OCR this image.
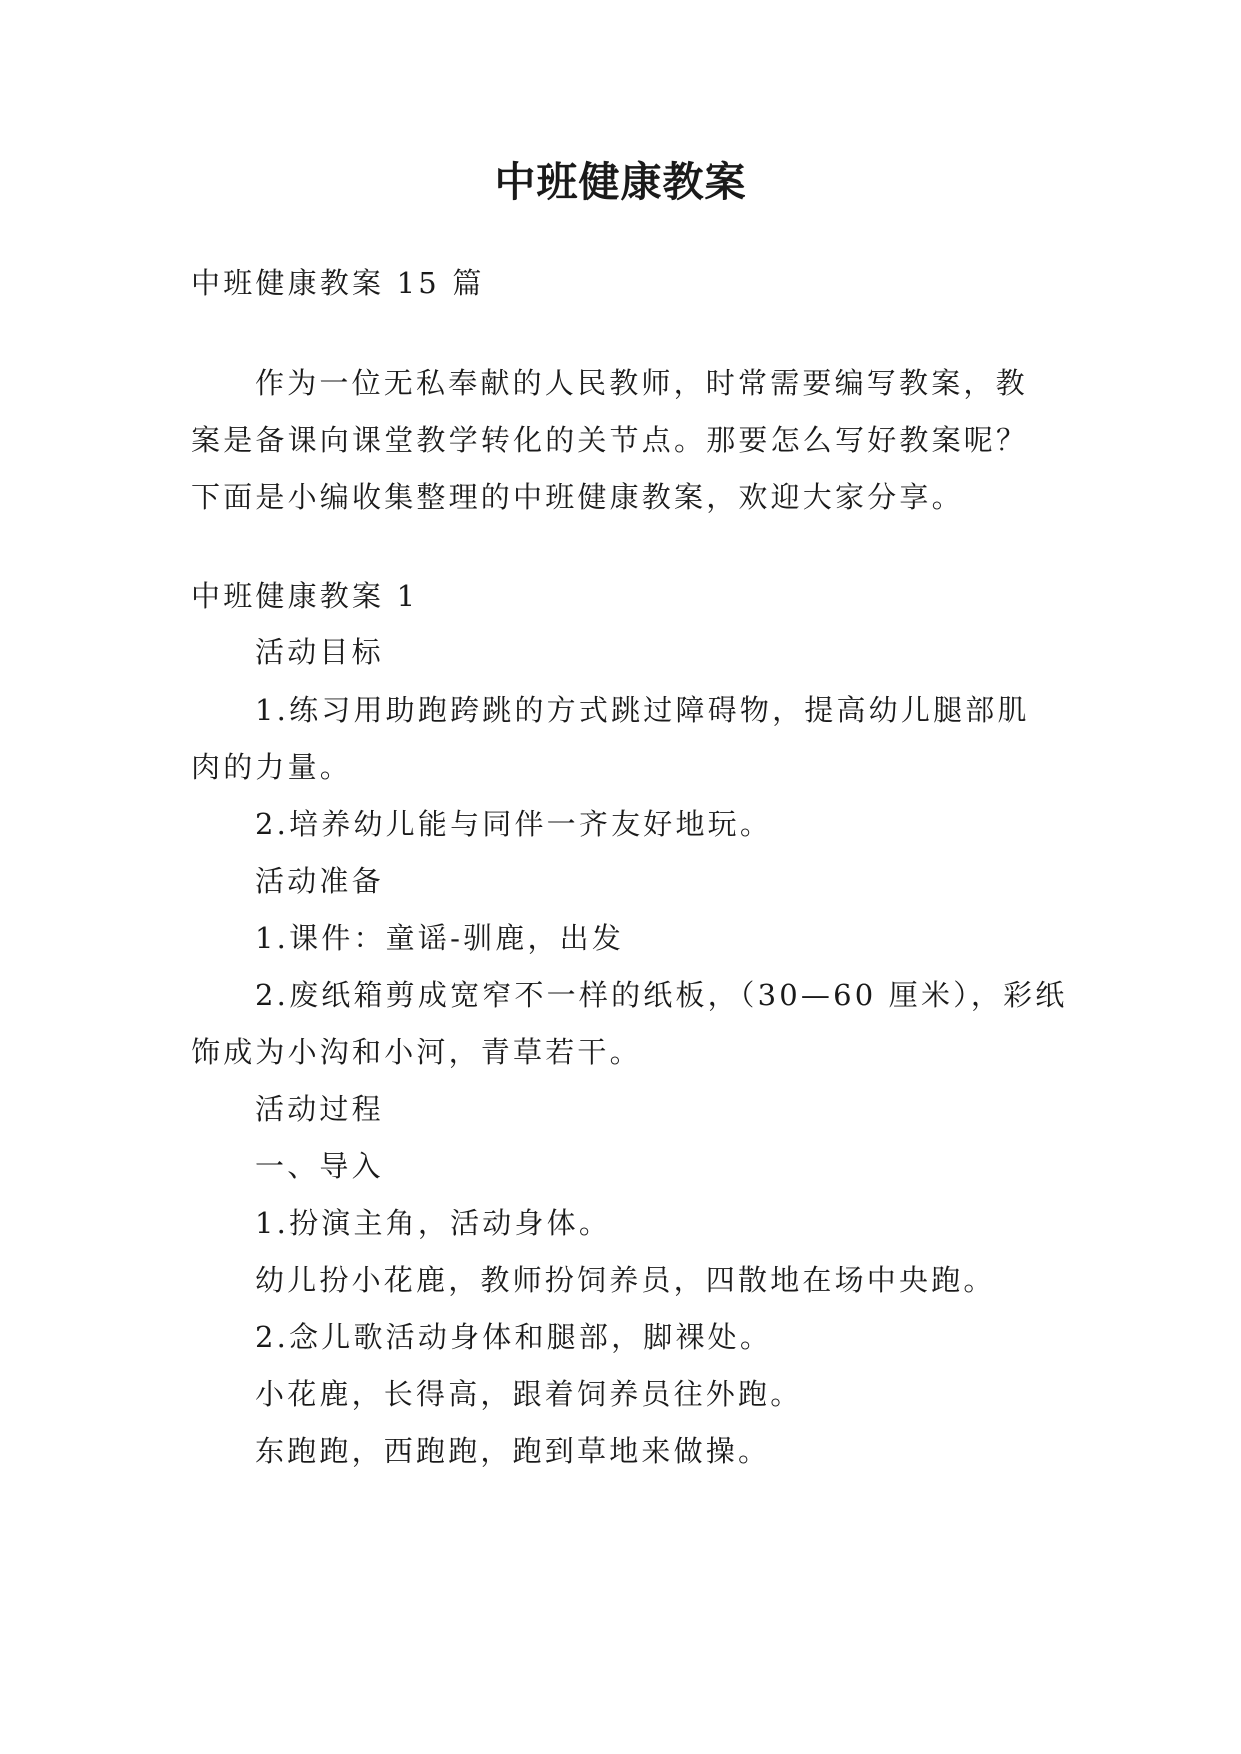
中班健康教案
中班健康教案 15 篇
作为一位无私奉献的人民教师，时常需要编写教案，教
案是备课向课堂教学转化的关节点。那要怎么写好教案呢？
下面是小编收集整理的中班健康教案，欢迎大家分享。
中班健康教案 1
活动目标
1.练习用助跑跨跳的方式跳过障碍物，提高幼儿腿部肌
肉的力量。
2.培养幼儿能与同伴一齐友好地玩。
活动准备
1.课件：童谣-驯鹿，出发
2.废纸箱剪成宽窄不一样的纸板，（30—60 厘米），彩纸
饰成为小沟和小河，青草若干。
活动过程
一、导入
1.扮演主角，活动身体。
幼儿扮小花鹿，教师扮饲养员，四散地在场中央跑。
2.念儿歌活动身体和腿部，脚裸处。
小花鹿，长得高，跟着饲养员往外跑。
东跑跑，西跑跑，跑到草地来做操。
